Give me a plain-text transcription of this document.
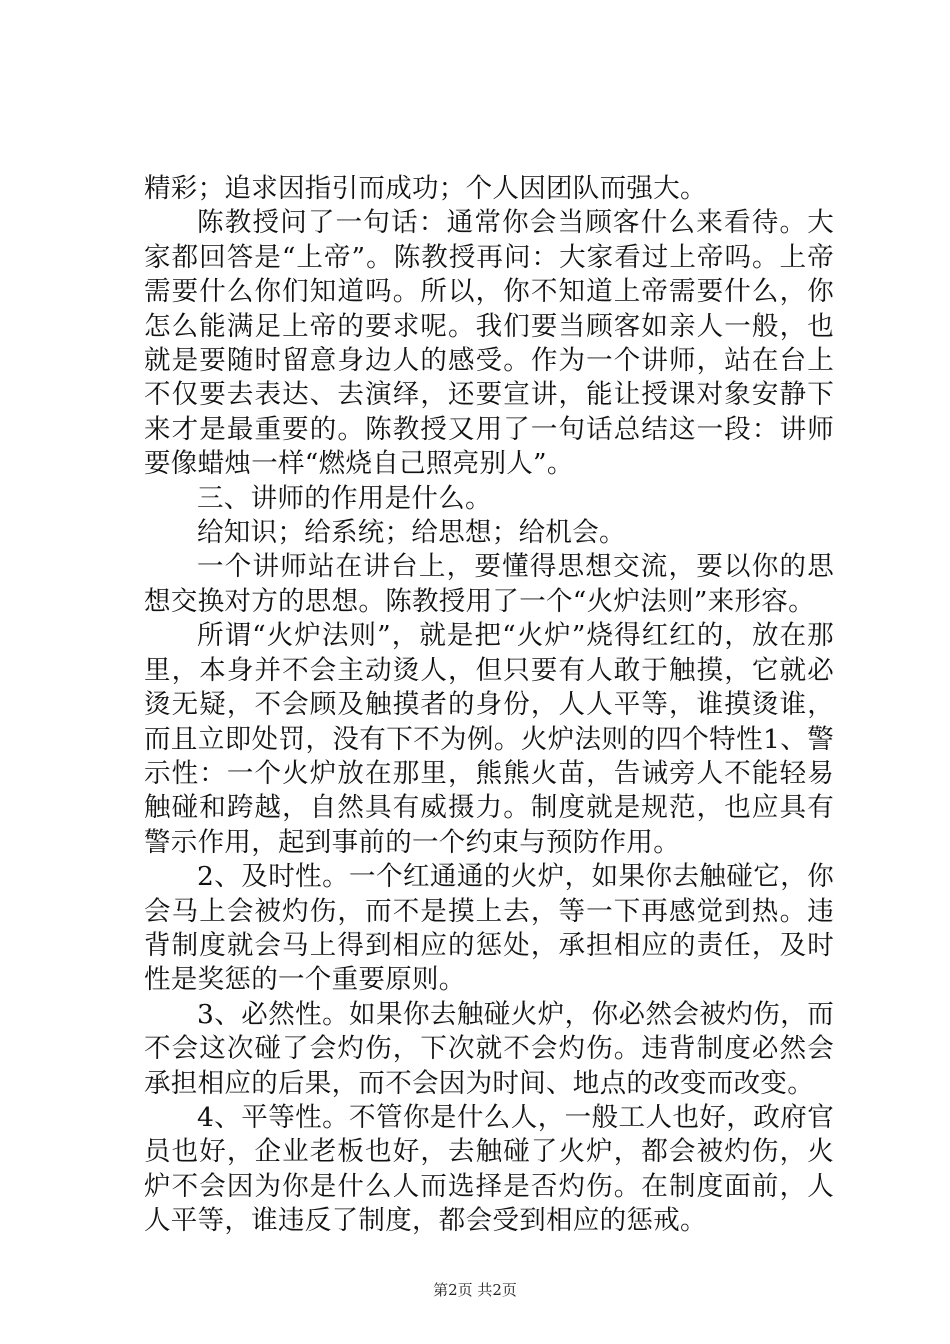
精彩；追求因指引而成功；个人因团队而强大。

陈教授问了一句话：通常你会当顾客什么来看待。大家都回答是“上帝”。陈教授再问：大家看过上帝吗。上帝需要什么你们知道吗。所以，你不知道上帝需要什么，你怎么能满足上帝的要求呢。我们要当顾客如亲人一般，也就是要随时留意身边人的感受。作为一个讲师，站在台上不仅要去表达、去演绎，还要宣讲，能让授课对象安静下来才是最重要的。陈教授又用了一句话总结这一段：讲师要像蜡烛一样“燃烧自己照亮别人”。

三、讲师的作用是什么。

给知识；给系统；给思想；给机会。

一个讲师站在讲台上，要懂得思想交流，要以你的思想交换对方的思想。陈教授用了一个“火炉法则”来形容。

所谓“火炉法则”，就是把“火炉”烧得红红的，放在那里，本身并不会主动烫人，但只要有人敢于触摸，它就必烫无疑，不会顾及触摸者的身份，人人平等，谁摸烫谁，而且立即处罚，没有下不为例。火炉法则的四个特性1、警示性：一个火炉放在那里，熊熊火苗，告诫旁人不能轻易触碰和跨越，自然具有威摄力。制度就是规范，也应具有警示作用，起到事前的一个约束与预防作用。

2、及时性。一个红通通的火炉，如果你去触碰它，你会马上会被灼伤，而不是摸上去，等一下再感觉到热。违背制度就会马上得到相应的惩处，承担相应的责任，及时性是奖惩的一个重要原则。

3、必然性。如果你去触碰火炉，你必然会被灼伤，而不会这次碰了会灼伤，下次就不会灼伤。违背制度必然会承担相应的后果，而不会因为时间、地点的改变而改变。

4、平等性。不管你是什么人，一般工人也好，政府官员也好，企业老板也好，去触碰了火炉，都会被灼伤，火炉不会因为你是什么人而选择是否灼伤。在制度面前，人人平等，谁违反了制度，都会受到相应的惩戒。

第2页 共2页
